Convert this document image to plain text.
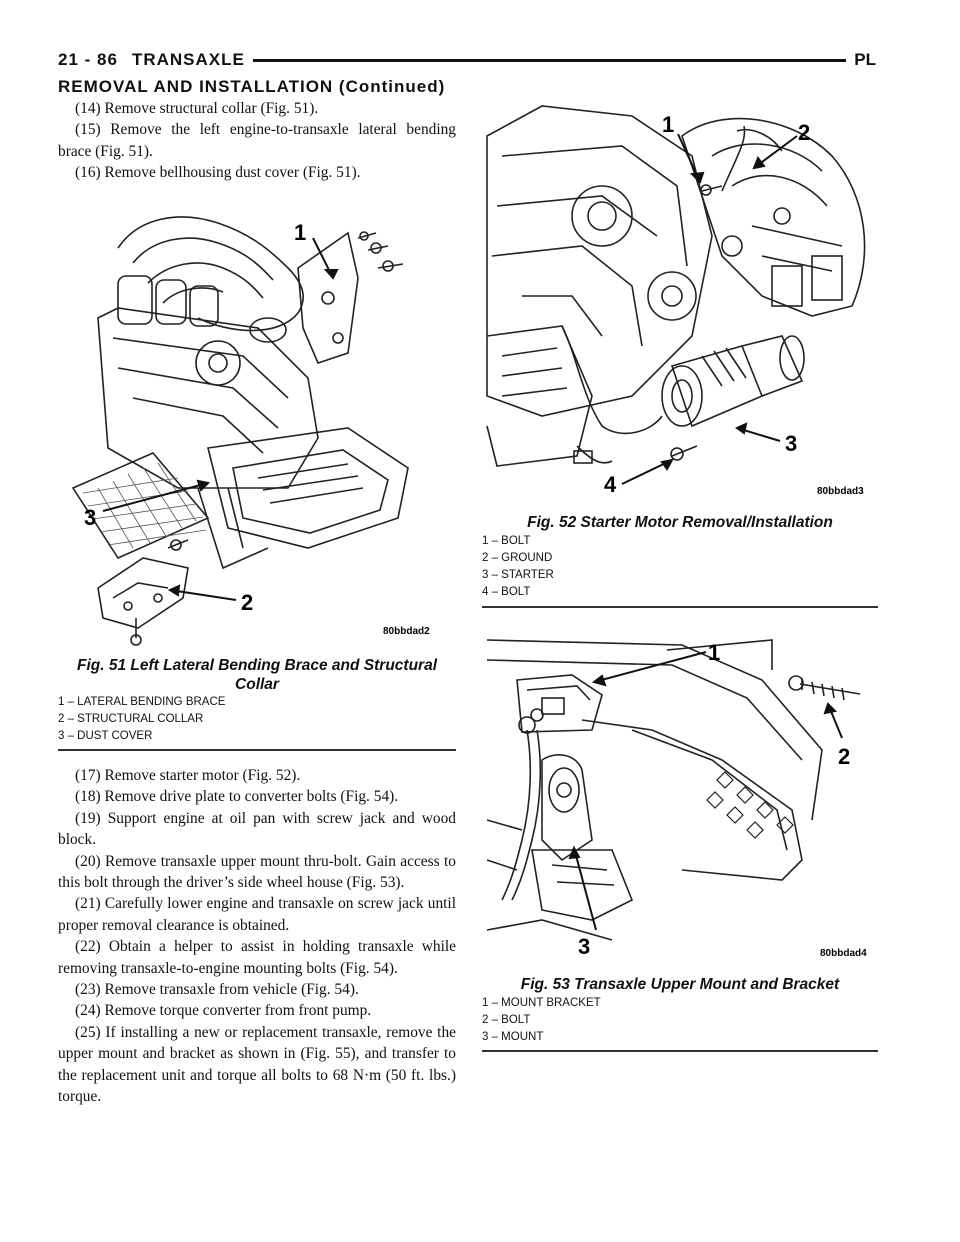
21 - 86 TRANSAXLE	PL
REMOVAL AND INSTALLATION (Continued)

(14) Remove structural collar (Fig. 51).

(15) Remove the left engine-to-transaxle lateral bending brace (Fig. 51).

(16) Remove bellhousing dust cover (Fig. 51).

1
2
3
80bbdad2
Fig. 51 Left Lateral Bending Brace and Structural
Collar
1 – LATERAL BENDING BRACE
2 – STRUCTURAL COLLAR
3 – DUST COVER

(17) Remove starter motor (Fig. 52).

(18) Remove drive plate to converter bolts (Fig. 54).

(19) Support engine at oil pan with screw jack and wood block.

(20) Remove transaxle upper mount thru-bolt. Gain access to this bolt through the driver’s side wheel house (Fig. 53).

(21) Carefully lower engine and transaxle on screw jack until proper removal clearance is obtained.

(22) Obtain a helper to assist in holding transaxle while removing transaxle-to-engine mounting bolts (Fig. 54).

(23) Remove transaxle from vehicle (Fig. 54).

(24) Remove torque converter from front pump.

(25) If installing a new or replacement transaxle, remove the upper mount and bracket as shown in (Fig. 55), and transfer to the replacement unit and torque all bolts to 68 N·m (50 ft. lbs.) torque.

1	2
3
4	80bbdad3
Fig. 52 Starter Motor Removal/Installation
1 – BOLT
2 – GROUND
3 – STARTER
4 – BOLT
1
2
3	80bbdad4
Fig. 53 Transaxle Upper Mount and Bracket
1 – MOUNT BRACKET
2 – BOLT
3 – MOUNT
